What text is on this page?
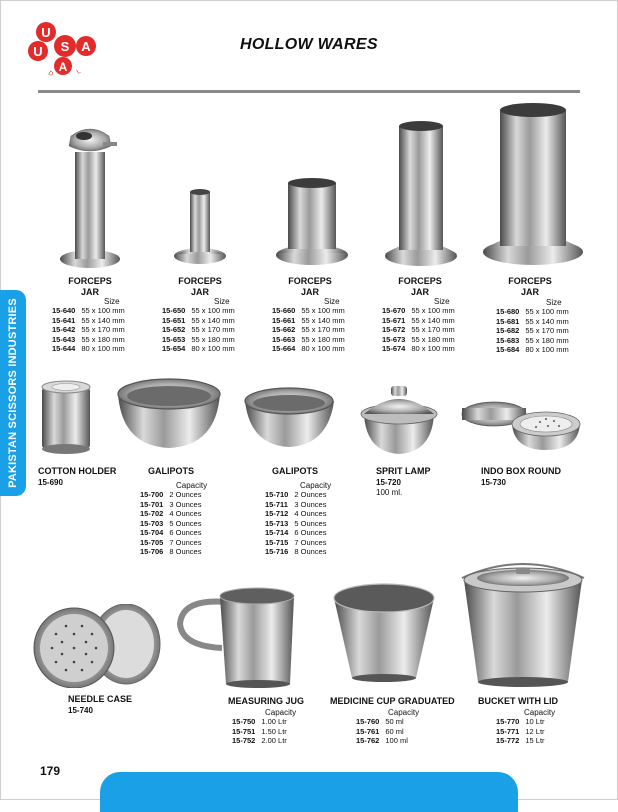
U
U S A
A
D	L
HOLLOW WARES
PAKISTAN SCISSORS INDUSTRIES
FORCEPS
JAR
Size
15-640	55 x 100 mm
15-641	55 x 140 mm
15-642	55 x 170 mm
15-643	55 x 180 mm
15-644	80 x 100 mm
FORCEPS
JAR
Size
15-650	55 x 100 mm
15-651	55 x 140 mm
15-652	55 x 170 mm
15-653	55 x 180 mm
15-654	80 x 100 mm
FORCEPS
JAR
Size
15-660	55 x 100 mm
15-661	55 x 140 mm
15-662	55 x 170 mm
15-663	55 x 180 mm
15-664	80 x 100 mm
FORCEPS
JAR
Size
15-670	55 x 100 mm
15-671	55 x 140 mm
15-672	55 x 170 mm
15-673	55 x 180 mm
15-674	80 x 100 mm
FORCEPS
JAR
Size
15-680	55 x 100 mm
15-681	55 x 140 mm
15-682	55 x 170 mm
15-683	55 x 180 mm
15-684	80 x 100 mm
COTTON HOLDER
15-690
GALIPOTS
Capacity
15-700	2 Ounces
15-701	3 Ounces
15-702	4 Ounces
15-703	5 Ounces
15-704	6 Ounces
15-705	7 Ounces
15-706	8 Ounces
GALIPOTS
Capacity
15-710	2 Ounces
15-711	3 Ounces
15-712	4 Ounces
15-713	5 Ounces
15-714	6 Ounces
15-715	7 Ounces
15-716	8 Ounces
SPRIT LAMP
15-720
100 ml.
INDO BOX ROUND
15-730
NEEDLE CASE
15-740
MEASURING JUG
Capacity
15-750	1.00 Ltr
15-751	1.50 Ltr
15-752	2.00 Ltr
MEDICINE CUP GRADUATED
Capacity
15-760	50 ml
15-761	60 ml
15-762	100 ml
BUCKET WITH LID
Capacity
15-770	10 Ltr
15-771	12 Ltr
15-772	15 Ltr
179
